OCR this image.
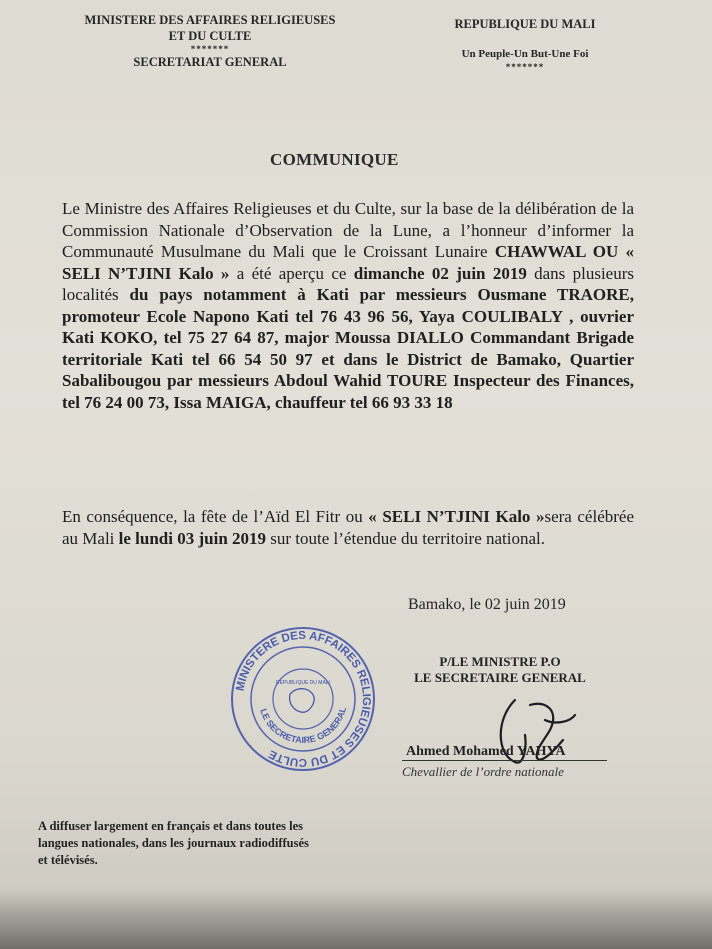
MINISTERE DES AFFAIRES RELIGIEUSES
ET DU CULTE
*******
SECRETARIAT GENERAL
REPUBLIQUE DU MALI
Un Peuple-Un But-Une Foi
*******
COMMUNIQUE
Le Ministre des Affaires Religieuses et du Culte, sur la base de la délibération de la Commission Nationale d’Observation de la Lune, a l’honneur d’informer la Communauté Musulmane du Mali que le Croissant Lunaire CHAWWAL OU « SELI N’TJINI Kalo » a été aperçu ce dimanche 02 juin 2019 dans plusieurs localités du pays notamment à Kati par messieurs Ousmane TRAORE, promoteur Ecole Napono Kati tel 76 43 96 56, Yaya COULIBALY , ouvrier Kati KOKO, tel 75 27 64 87, major Moussa DIALLO Commandant Brigade territoriale Kati tel 66 54 50 97 et dans le District de Bamako, Quartier Sabalibougou par messieurs Abdoul Wahid TOURE Inspecteur des Finances, tel 76 24 00 73, Issa MAIGA, chauffeur tel 66 93 33 18
En conséquence, la fête de l’Aïd El Fitr ou « SELI N’TJINI Kalo »sera célébrée au Mali le lundi 03 juin 2019 sur toute l’étendue du territoire national.
Bamako, le 02 juin 2019
MINISTERE DES AFFAIRES RELIGIEUSES ET DU CULTE
LE SECRETAIRE GENERAL
REPUBLIQUE DU MALI
P/LE MINISTRE P.O
LE SECRETAIRE GENERAL
Ahmed Mohamed YAHYA
Chevallier de l’ordre nationale
A diffuser largement en français et dans toutes les langues nationales, dans les journaux radiodiffusés et télévisés.
